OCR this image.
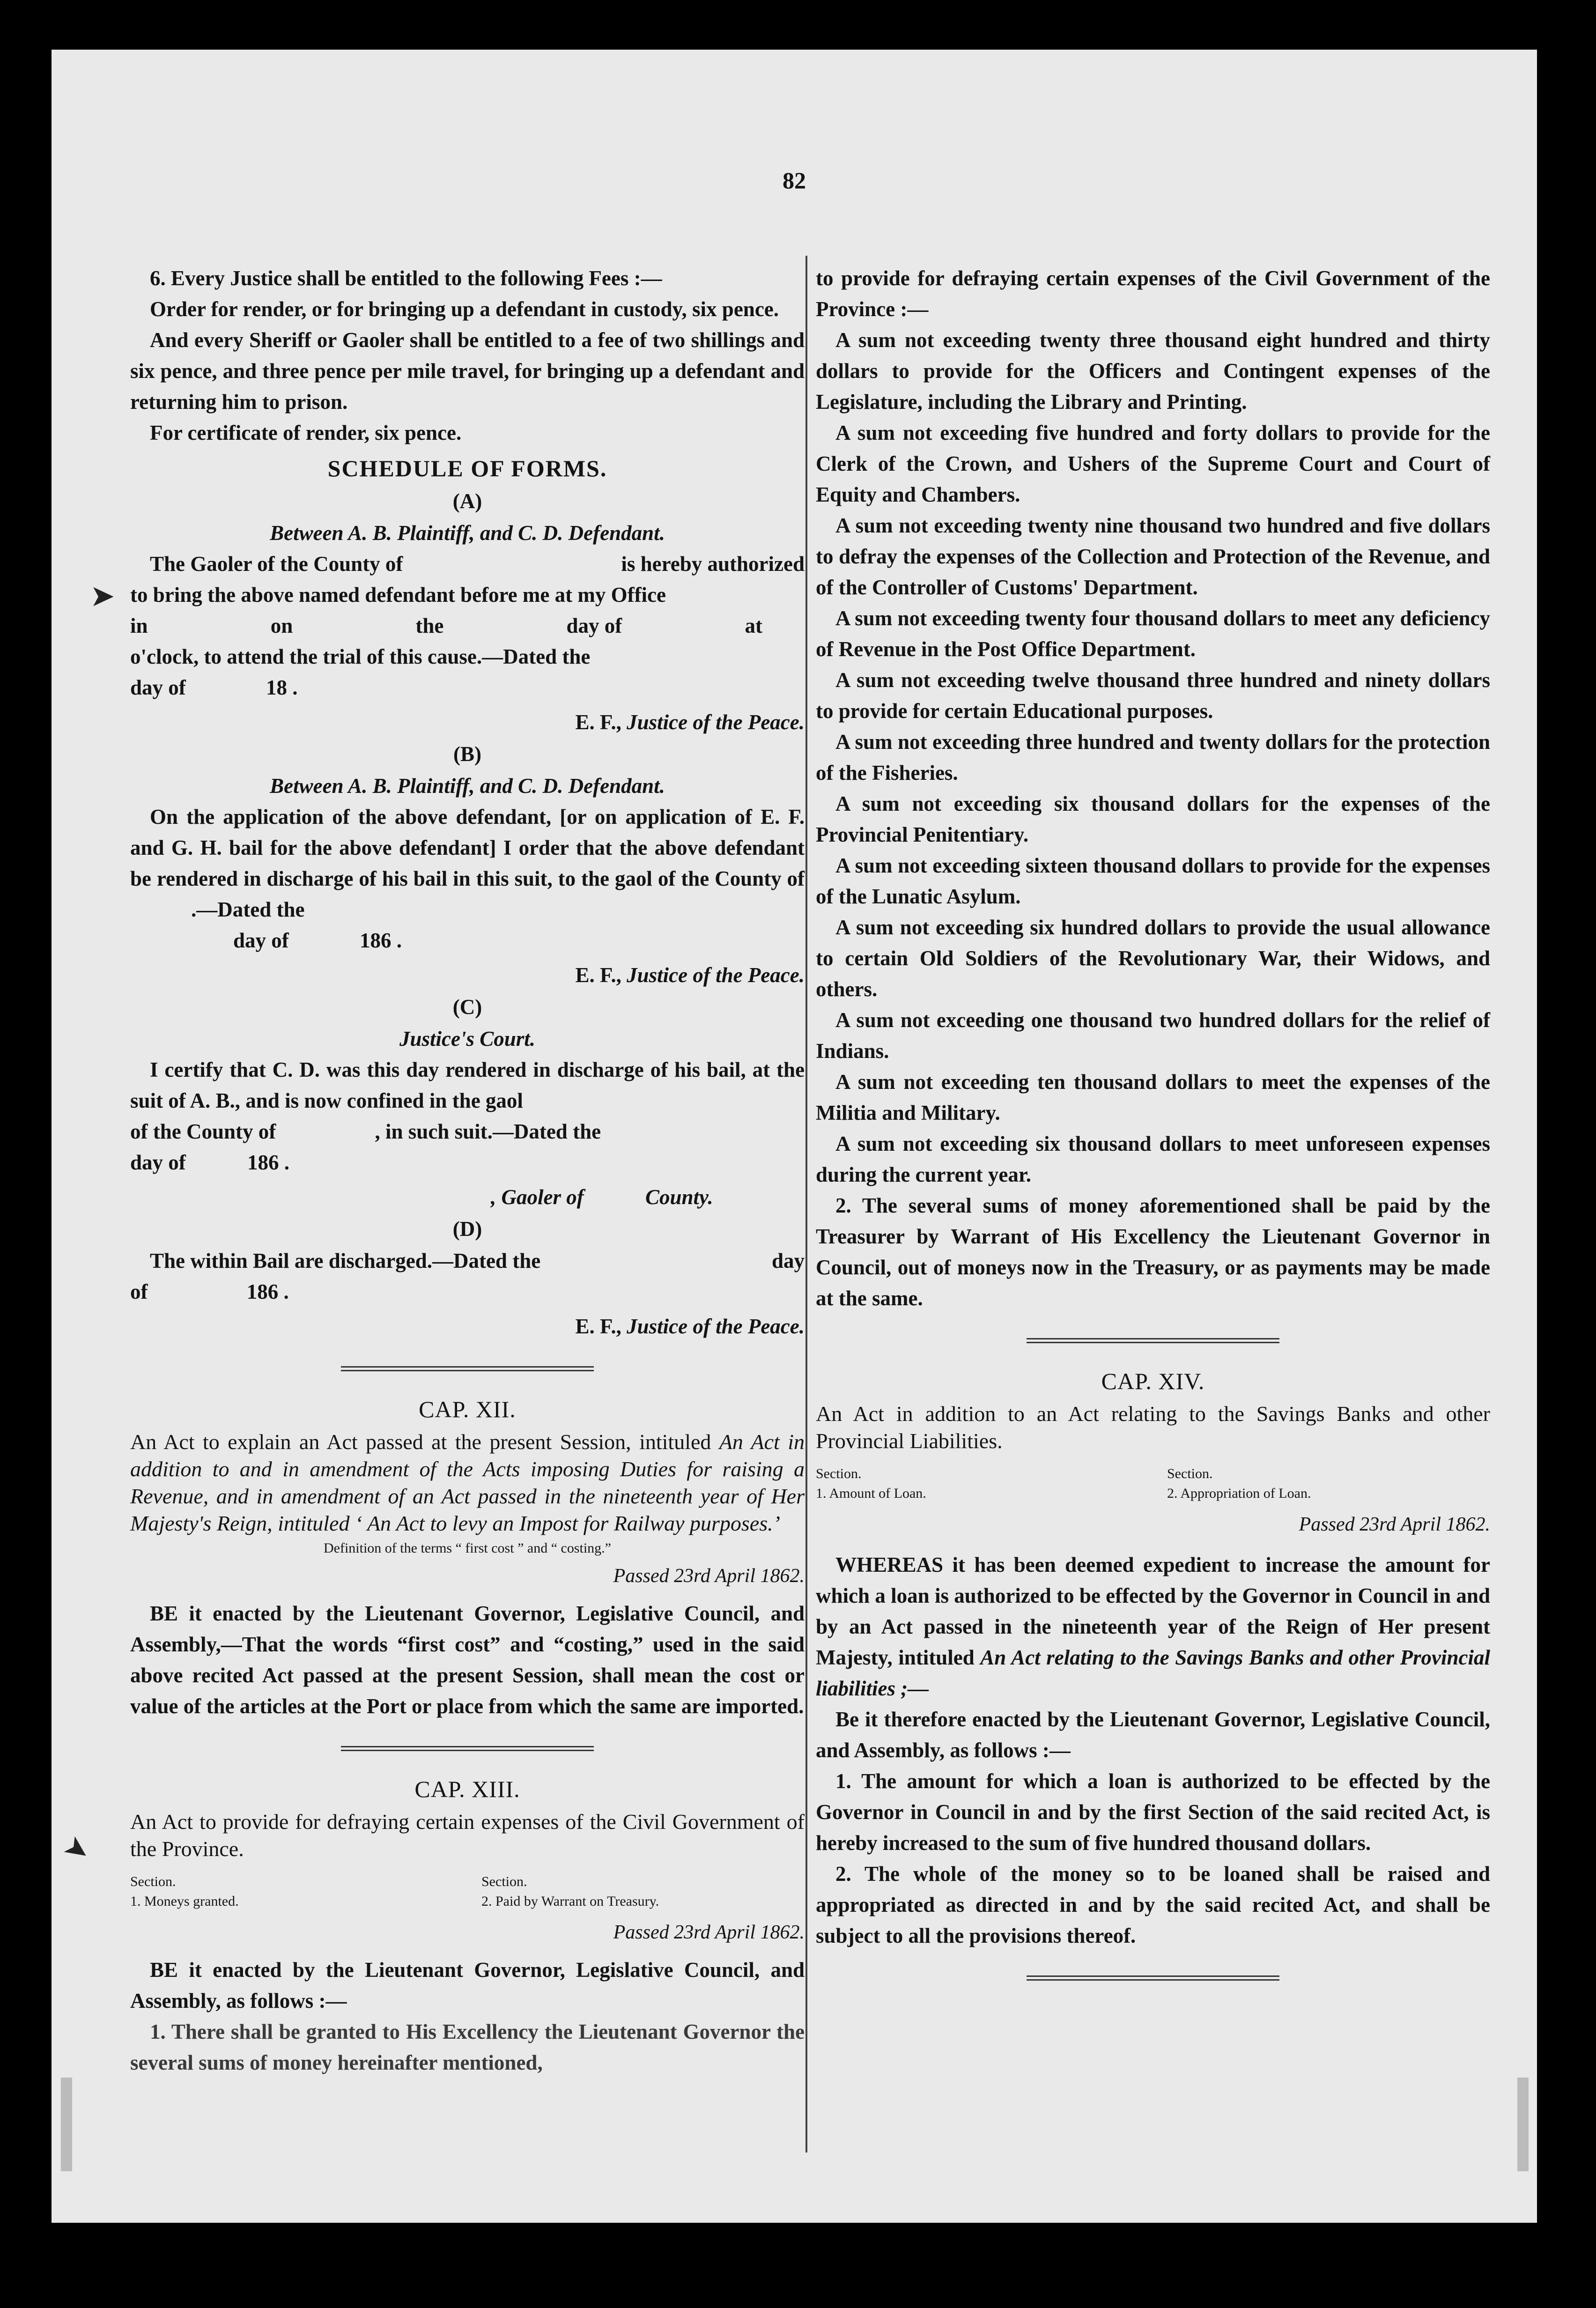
82
➤
➤
6. Every Justice shall be entitled to the following Fees :—

Order for render, or for bringing up a defendant in custody, six pence.

And every Sheriff or Gaoler shall be entitled to a fee of two shillings and six pence, and three pence per mile travel, for bringing up a defendant and returning him to prison.

For certificate of render, six pence.

SCHEDULE OF FORMS.

(A)

Between A. B. Plaintiff, and C. D. Defendant.

The Gaoler of the County of	is hereby authorized

to bring the above named defendant before me at my Office

in	on	the	day of	at

o'clock, to attend the trial of this cause.—Dated the

day of	18 .

E. F., Justice of the Peace.

(B)

Between A. B. Plaintiff, and C. D. Defendant.

On the application of the above defendant, [or on application of E. F. and G. H. bail for the above defendant] I order that the above defendant be rendered in discharge of his bail in this suit, to the gaol of the County of .—Dated the

day of	186 .

E. F., Justice of the Peace.

(C)

Justice's Court.

I certify that C. D. was this day rendered in discharge of his bail, at the suit of A. B., and is now confined in the gaol

of the County of	, in such suit.—Dated the
day of	186 .
, Gaoler of	County.

(D)

The within Bail are discharged.—Dated the	day
of	186 .

E. F., Justice of the Peace.

CAP. XII.

An Act to explain an Act passed at the present Session, intituled An Act in addition to and in amendment of the Acts imposing Duties for raising a Revenue, and in amendment of an Act passed in the nineteenth year of Her Majesty's Reign, intituled ‘ An Act to levy an Impost for Railway purposes.’

Definition of the terms “ first cost ” and “ costing.”

Passed 23rd April 1862.

BE it enacted by the Lieutenant Governor, Legislative Council, and Assembly,—That the words “first cost” and “costing,” used in the said above recited Act passed at the present Session, shall mean the cost or value of the articles at the Port or place from which the same are imported.

CAP. XIII.

An Act to provide for defraying certain expenses of the Civil Government of the Province.

Section.
1. Moneys granted.
Section.
2. Paid by Warrant on Treasury.

Passed 23rd April 1862.

BE it enacted by the Lieutenant Governor, Legislative Council, and Assembly, as follows :—

1. There shall be granted to His Excellency the Lieutenant Governor the several sums of money hereinafter mentioned,

to provide for defraying certain expenses of the Civil Government of the Province :—

A sum not exceeding twenty three thousand eight hundred and thirty dollars to provide for the Officers and Contingent expenses of the Legislature, including the Library and Printing.

A sum not exceeding five hundred and forty dollars to provide for the Clerk of the Crown, and Ushers of the Supreme Court and Court of Equity and Chambers.

A sum not exceeding twenty nine thousand two hundred and five dollars to defray the expenses of the Collection and Protection of the Revenue, and of the Controller of Customs' Department.

A sum not exceeding twenty four thousand dollars to meet any deficiency of Revenue in the Post Office Department.

A sum not exceeding twelve thousand three hundred and ninety dollars to provide for certain Educational purposes.

A sum not exceeding three hundred and twenty dollars for the protection of the Fisheries.

A sum not exceeding six thousand dollars for the expenses of the Provincial Penitentiary.

A sum not exceeding sixteen thousand dollars to provide for the expenses of the Lunatic Asylum.

A sum not exceeding six hundred dollars to provide the usual allowance to certain Old Soldiers of the Revolutionary War, their Widows, and others.

A sum not exceeding one thousand two hundred dollars for the relief of Indians.

A sum not exceeding ten thousand dollars to meet the expenses of the Militia and Military.

A sum not exceeding six thousand dollars to meet unforeseen expenses during the current year.

2. The several sums of money aforementioned shall be paid by the Treasurer by Warrant of His Excellency the Lieutenant Governor in Council, out of moneys now in the Treasury, or as payments may be made at the same.

CAP. XIV.

An Act in addition to an Act relating to the Savings Banks and other Provincial Liabilities.

Section.
1. Amount of Loan.
Section.
2. Appropriation of Loan.

Passed 23rd April 1862.

WHEREAS it has been deemed expedient to increase the amount for which a loan is authorized to be effected by the Governor in Council in and by an Act passed in the nineteenth year of the Reign of Her present Majesty, intituled An Act relating to the Savings Banks and other Provincial liabilities ;—

Be it therefore enacted by the Lieutenant Governor, Legislative Council, and Assembly, as follows :—

1. The amount for which a loan is authorized to be effected by the Governor in Council in and by the first Section of the said recited Act, is hereby increased to the sum of five hundred thousand dollars.

2. The whole of the money so to be loaned shall be raised and appropriated as directed in and by the said recited Act, and shall be subject to all the provisions thereof.
